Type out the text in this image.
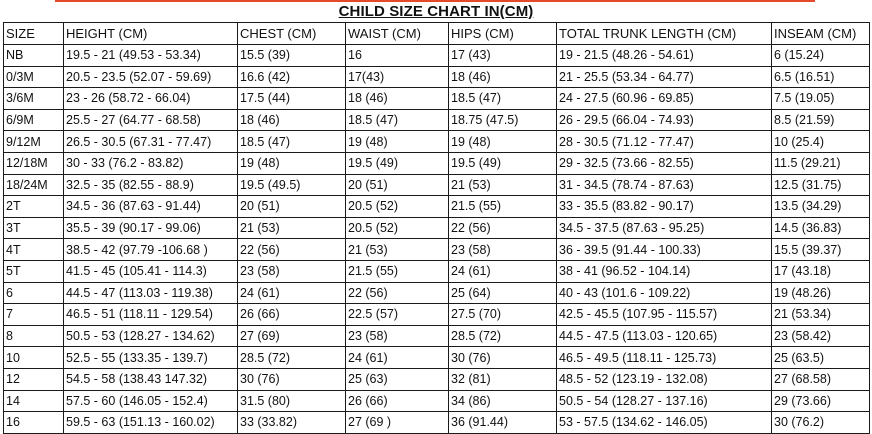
CHILD SIZE CHART IN(CM)
SIZE	HEIGHT (CM)	CHEST (CM)	WAIST (CM)	HIPS (CM)	TOTAL TRUNK LENGTH (CM)	INSEAM (CM)
NB	19.5 - 21 (49.53 - 53.34)	15.5 (39)	16	17 (43)	19 - 21.5 (48.26 - 54.61)	6 (15.24)
0/3M	20.5 - 23.5 (52.07 - 59.69)	16.6 (42)	17(43)	18 (46)	21 - 25.5 (53.34 - 64.77)	6.5 (16.51)
3/6M	23 - 26 (58.72 - 66.04)	17.5 (44)	18 (46)	18.5 (47)	24 - 27.5 (60.96 - 69.85)	7.5 (19.05)
6/9M	25.5 - 27 (64.77 - 68.58)	18 (46)	18.5 (47)	18.75 (47.5)	26 - 29.5 (66.04 - 74.93)	8.5 (21.59)
9/12M	26.5 - 30.5 (67.31 - 77.47)	18.5 (47)	19 (48)	19 (48)	28 - 30.5 (71.12 - 77.47)	10 (25.4)
12/18M	30 - 33 (76.2 - 83.82)	19 (48)	19.5 (49)	19.5 (49)	29 - 32.5 (73.66 - 82.55)	11.5 (29.21)
18/24M	32.5 - 35 (82.55 - 88.9)	19.5 (49.5)	20 (51)	21 (53)	31 - 34.5 (78.74 - 87.63)	12.5 (31.75)
2T	34.5 - 36 (87.63 - 91.44)	20 (51)	20.5 (52)	21.5 (55)	33 - 35.5 (83.82 - 90.17)	13.5 (34.29)
3T	35.5 - 39 (90.17 - 99.06)	21 (53)	20.5 (52)	22 (56)	34.5 - 37.5 (87.63 - 95.25)	14.5 (36.83)
4T	38.5 - 42 (97.79 -106.68 )	22 (56)	21 (53)	23 (58)	36 - 39.5 (91.44 - 100.33)	15.5 (39.37)
5T	41.5 - 45 (105.41 - 114.3)	23 (58)	21.5 (55)	24 (61)	38 - 41 (96.52 - 104.14)	17 (43.18)
6	44.5 - 47 (113.03 - 119.38)	24 (61)	22 (56)	25 (64)	40 - 43 (101.6 - 109.22)	19 (48.26)
7	46.5 - 51 (118.11 - 129.54)	26 (66)	22.5 (57)	27.5 (70)	42.5 - 45.5 (107.95 - 115.57)	21 (53.34)
8	50.5 - 53 (128.27 - 134.62)	27 (69)	23 (58)	28.5 (72)	44.5 - 47.5 (113.03 - 120.65)	23 (58.42)
10	52.5 - 55 (133.35 - 139.7)	28.5 (72)	24 (61)	30 (76)	46.5 - 49.5 (118.11 - 125.73)	25 (63.5)
12	54.5 - 58 (138.43 147.32)	30 (76)	25 (63)	32 (81)	48.5 - 52 (123.19 - 132.08)	27 (68.58)
14	57.5 - 60 (146.05 - 152.4)	31.5 (80)	26 (66)	34 (86)	50.5 - 54 (128.27 - 137.16)	29 (73.66)
16	59.5 - 63 (151.13 - 160.02)	33 (33.82)	27 (69 )	36 (91.44)	53 - 57.5 (134.62 - 146.05)	30 (76.2)
